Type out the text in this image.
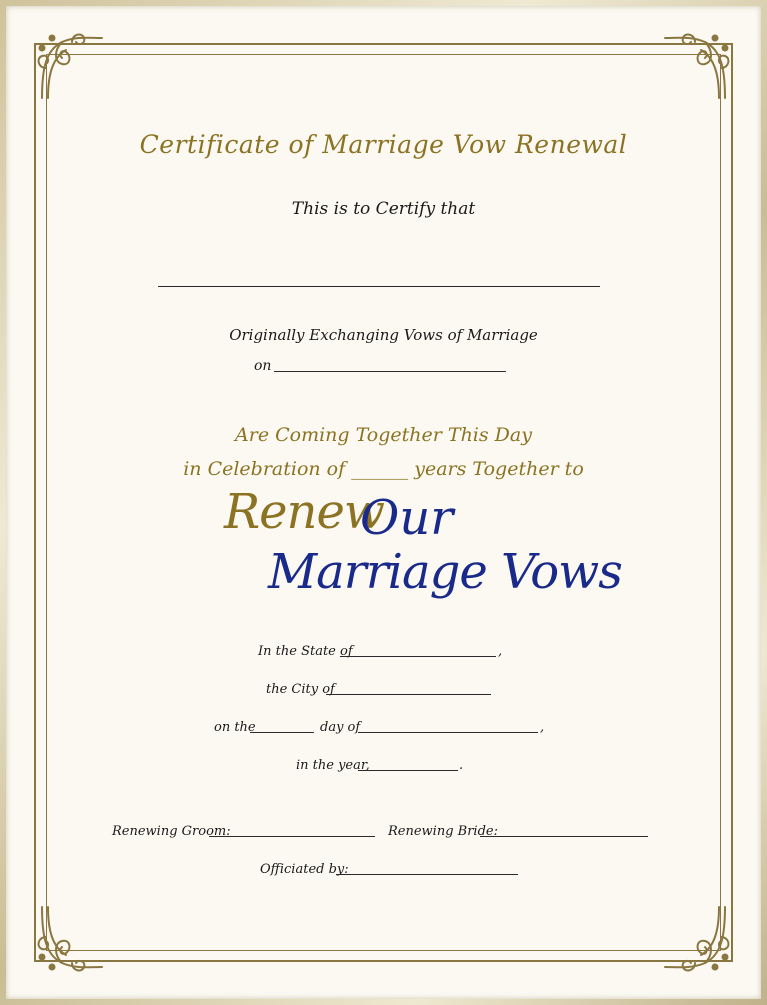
Certificate of Marriage Vow Renewal
This is to Certify that
Originally Exchanging Vows of Marriage
on
Are Coming Together This Day
in Celebration of ______ years Together to
Renew
Our
Marriage Vows
In the State of	,
the City of
on the	day of	,
in the year,	.
Renewing Groom:	Renewing Bride:
Officiated by:
